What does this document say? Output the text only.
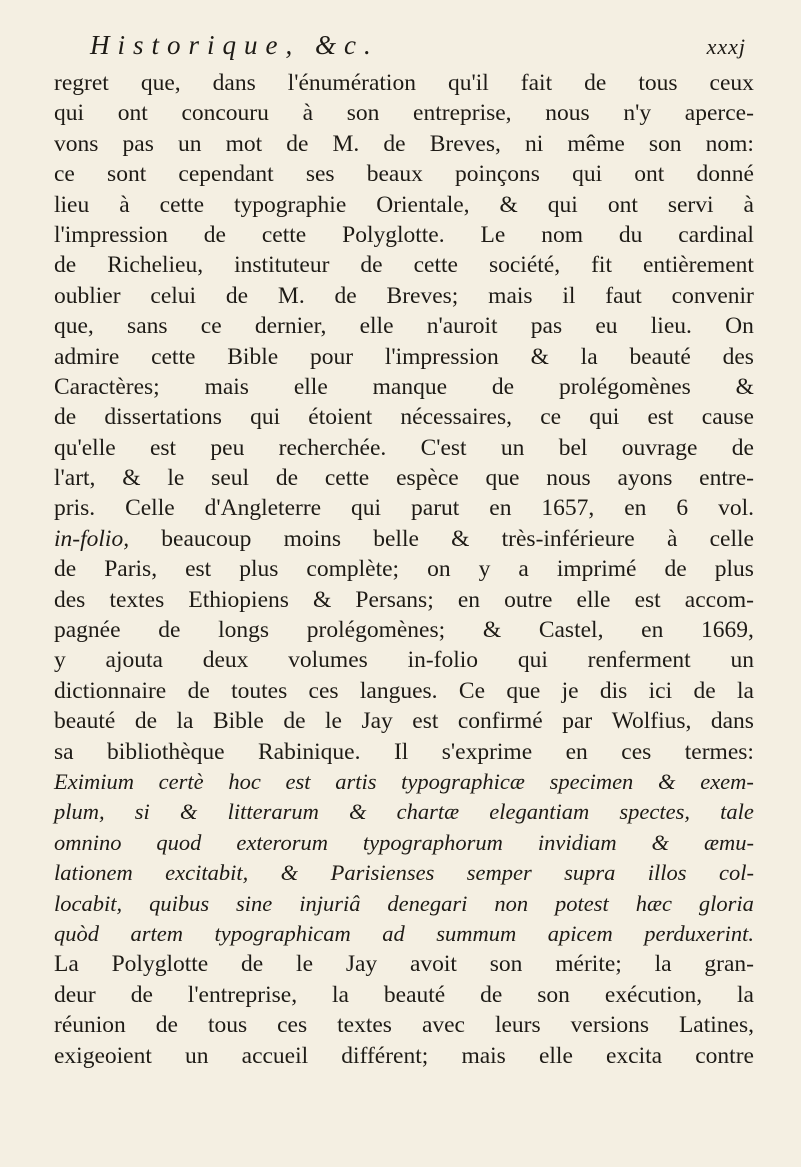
Historique, &c.	xxxj
regret que, dans l'énumération qu'il fait de tous ceux
qui ont concouru à son entreprise, nous n'y aperce-
vons pas un mot de M. de Breves, ni même son nom:
ce sont cependant ses beaux poinçons qui ont donné
lieu à cette typographie Orientale, & qui ont servi à
l'impression de cette Polyglotte. Le nom du cardinal
de Richelieu, instituteur de cette société, fit entièrement
oublier celui de M. de Breves; mais il faut convenir
que, sans ce dernier, elle n'auroit pas eu lieu. On
admire cette Bible pour l'impression & la beauté des
Caractères; mais elle manque de prolégomènes &
de dissertations qui étoient nécessaires, ce qui est cause
qu'elle est peu recherchée. C'est un bel ouvrage de
l'art, & le seul de cette espèce que nous ayons entre-
pris. Celle d'Angleterre qui parut en 1657, en 6 vol.
in-folio, beaucoup moins belle & très-inférieure à celle
de Paris, est plus complète; on y a imprimé de plus
des textes Ethiopiens & Persans; en outre elle est accom-
pagnée de longs prolégomènes; & Castel, en 1669,
y ajouta deux volumes in-folio qui renferment un
dictionnaire de toutes ces langues. Ce que je dis ici de la
beauté de la Bible de le Jay est confirmé par Wolfius, dans
sa bibliothèque Rabinique. Il s'exprime en ces termes:
Eximium certè hoc est artis typographicæ specimen & exem-
plum, si & litterarum & chartæ elegantiam spectes, tale
omnino quod exterorum typographorum invidiam & æmu-
lationem excitabit, & Parisienses semper supra illos col-
locabit, quibus sine injuriâ denegari non potest hæc gloria
quòd artem typographicam ad summum apicem perduxerint.
La Polyglotte de le Jay avoit son mérite; la gran-
deur de l'entreprise, la beauté de son exécution, la
réunion de tous ces textes avec leurs versions Latines,
exigeoient un accueil différent; mais elle excita contre
